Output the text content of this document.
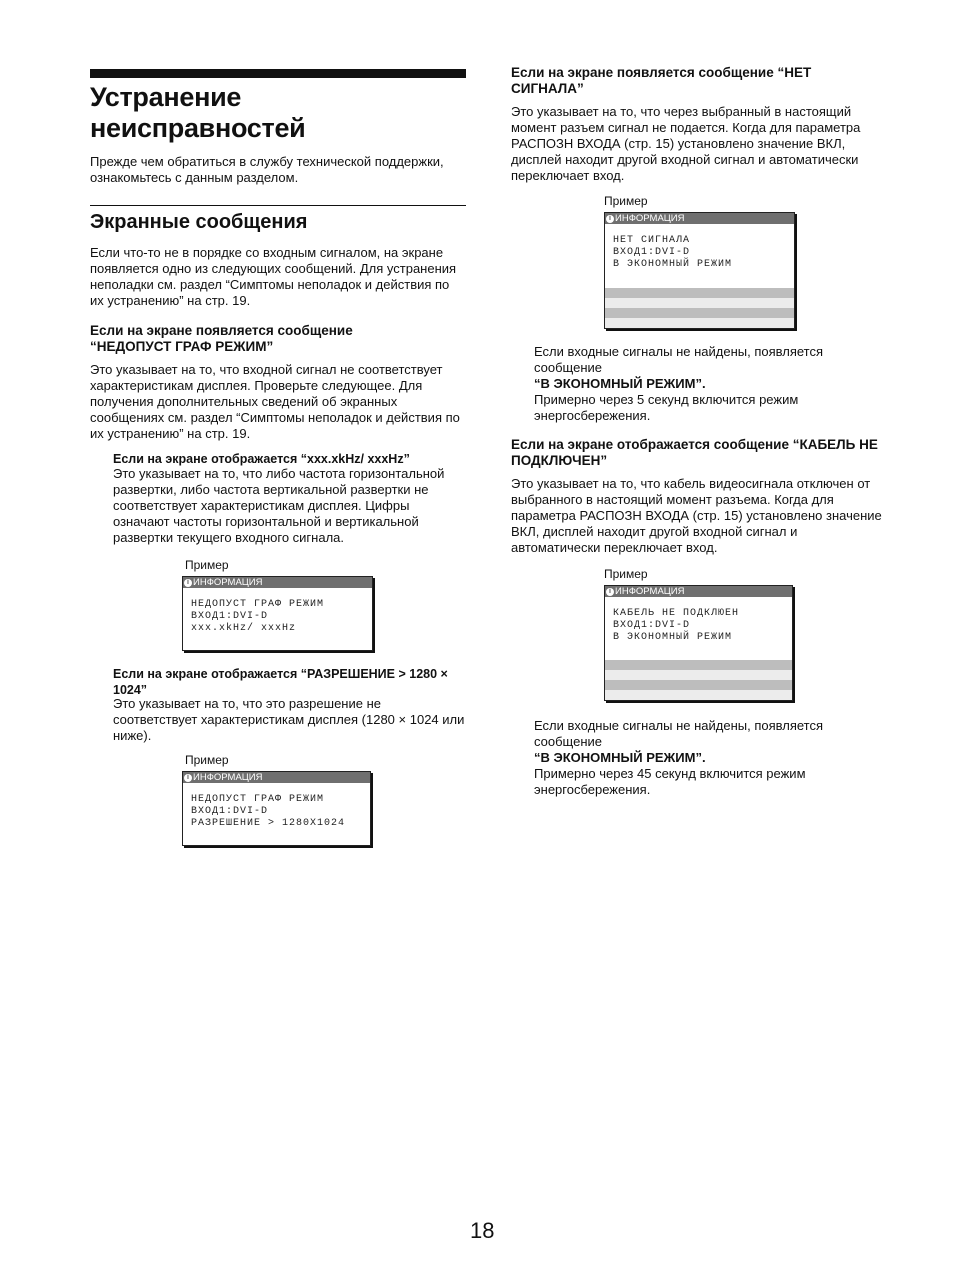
Устранение
неисправностей

Прежде чем обратиться в службу технической поддержки, ознакомьтесь с данным разделом.

Экранные сообщения

Если что-то не в порядке со входным сигналом, на экране появляется одно из следующих сообщений. Для устранения неполадки см. раздел “Симптомы неполадок и действия по их устранению” на стр. 19.

Если на экране появляется сообщение “НЕДОПУСТ ГРАФ РЕЖИМ”

Это указывает на то, что входной сигнал не соответствует характеристикам дисплея. Проверьте следующее. Для получения дополнительных сведений об экранных сообщениях см. раздел “Симптомы неполадок и действия по их устранению” на стр. 19.

Если на экране отображается “xxx.xkHz/ xxxHz”

Это указывает на то, что либо частота горизонтальной развертки, либо частота вертикальной развертки не соответствует характеристикам дисплея. Цифры означают частоты горизонтальной и вертикальной развертки текущего входного сигнала.

Пример
i ИНФОРМАЦИЯ
НЕДОПУСТ ГРАФ РЕЖИМ
ВХОД1:DVI-D
xxx.xkHz/ xxxHz
Если на экране отображается “РАЗРЕШЕНИЕ > 1280 × 1024”

Это указывает на то, что это разрешение не соответствует характеристикам дисплея (1280 × 1024 или ниже).

Пример
i ИНФОРМАЦИЯ
НЕДОПУСТ ГРАФ РЕЖИМ
ВХОД1:DVI-D
РАЗРЕШЕНИЕ > 1280X1024
Если на экране появляется сообщение “НЕТ СИГНАЛА”

Это указывает на то, что через выбранный в настоящий момент разъем сигнал не подается. Когда для параметра РАСПОЗН ВХОДА (стр. 15) установлено значение ВКЛ, дисплей находит другой входной сигнал и автоматически переключает вход.

Пример
i ИНФОРМАЦИЯ
НЕТ СИГНАЛА
ВХОД1:DVI-D
В ЭКОНОМНЫЙ РЕЖИМ

Если входные сигналы не найдены, появляется сообщение
“В ЭКОНОМНЫЙ РЕЖИМ”.
Примерно через 5 секунд включится режим энергосбережения.

Если на экране отображается сообщение “КАБЕЛЬ НЕ ПОДКЛЮЧЕН”

Это указывает на то, что кабель видеосигнала отключен от выбранного в настоящий момент разъема. Когда для параметра РАСПОЗН ВХОДА (стр. 15) установлено значение ВКЛ, дисплей находит другой входной сигнал и автоматически переключает вход.

Пример
i ИНФОРМАЦИЯ
КАБЕЛЬ НЕ ПОДКЛЮЕН
ВХОД1:DVI-D
В ЭКОНОМНЫЙ РЕЖИМ

Если входные сигналы не найдены, появляется сообщение
“В ЭКОНОМНЫЙ РЕЖИМ”.
Примерно через 45 секунд включится режим энергосбережения.

18
